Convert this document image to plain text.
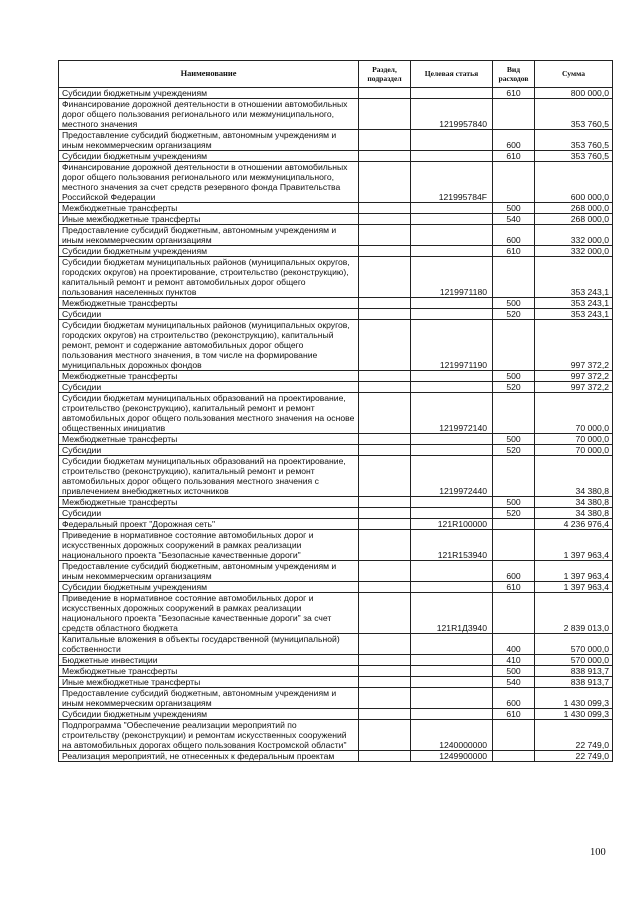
Наименование	Раздел, подраздел	Целевая статья	Вид расходов	Сумма
Субсидии бюджетным учреждениям			610	800 000,0
Финансирование дорожной деятельности в отношении автомобильных дорог общего пользования регионального или межмуниципального, местного значения		1219957840		353 760,5
Предоставление субсидий бюджетным, автономным учреждениям и иным некоммерческим организациям			600	353 760,5
Субсидии бюджетным учреждениям			610	353 760,5
Финансирование дорожной деятельности в отношении автомобильных дорог общего пользования регионального или межмуниципального, местного значения за счет средств резервного фонда Правительства Российской Федерации		121995784F		600 000,0
Межбюджетные трансферты			500	268 000,0
Иные межбюджетные трансферты			540	268 000,0
Предоставление субсидий бюджетным, автономным учреждениям и иным некоммерческим организациям			600	332 000,0
Субсидии бюджетным учреждениям			610	332 000,0
Субсидии бюджетам муниципальных районов (муниципальных округов, городских округов) на проектирование, строительство (реконструкцию), капитальный ремонт и ремонт автомобильных дорог общего пользования населенных пунктов		1219971180		353 243,1
Межбюджетные трансферты			500	353 243,1
Субсидии			520	353 243,1
Субсидии бюджетам муниципальных районов (муниципальных округов, городских округов) на строительство (реконструкцию), капитальный ремонт, ремонт и содержание автомобильных дорог общего пользования местного значения, в том числе на формирование муниципальных дорожных фондов		1219971190		997 372,2
Межбюджетные трансферты			500	997 372,2
Субсидии			520	997 372,2
Субсидии бюджетам муниципальных образований на проектирование, строительство (реконструкцию), капитальный ремонт и ремонт автомобильных дорог общего пользования местного значения на основе общественных инициатив		1219972140		70 000,0
Межбюджетные трансферты			500	70 000,0
Субсидии			520	70 000,0
Субсидии бюджетам муниципальных образований на проектирование, строительство (реконструкцию), капитальный ремонт и ремонт автомобильных дорог общего пользования местного значения с привлечением внебюджетных источников		1219972440		34 380,8
Межбюджетные трансферты			500	34 380,8
Субсидии			520	34 380,8
Федеральный проект "Дорожная сеть"		121R100000		4 236 976,4
Приведение в нормативное состояние автомобильных дорог и искусственных дорожных сооружений в рамках реализации национального проекта "Безопасные качественные дороги"		121R153940		1 397 963,4
Предоставление субсидий бюджетным, автономным учреждениям и иным некоммерческим организациям			600	1 397 963,4
Субсидии бюджетным учреждениям			610	1 397 963,4
Приведение в нормативное состояние автомобильных дорог и искусственных дорожных сооружений в рамках реализации национального проекта "Безопасные качественные дороги" за счет средств областного бюджета		121R1Д3940		2 839 013,0
Капитальные вложения в объекты государственной (муниципальной) собственности			400	570 000,0
Бюджетные инвестиции			410	570 000,0
Межбюджетные трансферты			500	838 913,7
Иные межбюджетные трансферты			540	838 913,7
Предоставление субсидий бюджетным, автономным учреждениям и иным некоммерческим организациям			600	1 430 099,3
Субсидии бюджетным учреждениям			610	1 430 099,3
Подпрограмма "Обеспечение реализации мероприятий по строительству (реконструкции) и ремонтам искусственных сооружений на автомобильных дорогах общего пользования Костромской области"		1240000000		22 749,0
Реализация мероприятий, не отнесенных к федеральным проектам		1249900000		22 749,0
100
